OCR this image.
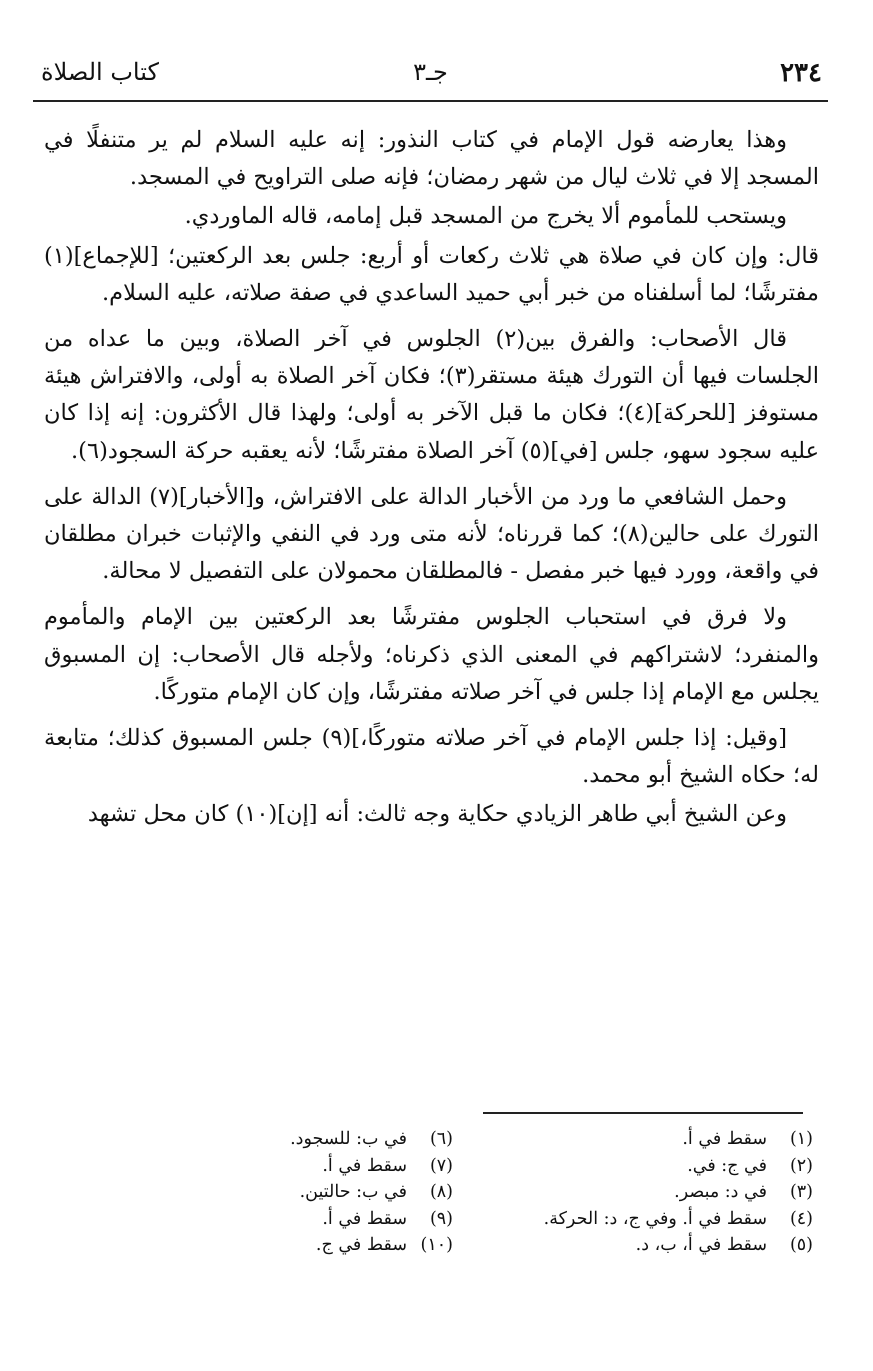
٢٣٤
جـ٣
كتاب الصلاة

وهذا يعارضه قول الإمام في كتاب النذور: إنه عليه السلام لم ير متنفلًا في المسجد إلا في ثلاث ليال من شهر رمضان؛ فإنه صلى التراويح في المسجد.

ويستحب للمأموم ألا يخرج من المسجد قبل إمامه، قاله الماوردي.

قال: وإن كان في صلاة هي ثلاث ركعات أو أربع: جلس بعد الركعتين؛ [للإجماع](١) مفترشًا؛ لما أسلفناه من خبر أبي حميد الساعدي في صفة صلاته، عليه السلام.

قال الأصحاب: والفرق بين(٢) الجلوس في آخر الصلاة، وبين ما عداه من الجلسات فيها أن التورك هيئة مستقر(٣)؛ فكان آخر الصلاة به أولى، والافتراش هيئة مستوفز [للحركة](٤)؛ فكان ما قبل الآخر به أولى؛ ولهذا قال الأكثرون: إنه إذا كان عليه سجود سهو، جلس [في](٥) آخر الصلاة مفترشًا؛ لأنه يعقبه حركة السجود(٦).

وحمل الشافعي ما ورد من الأخبار الدالة على الافتراش، و[الأخبار](٧) الدالة على التورك على حالين(٨)؛ كما قررناه؛ لأنه متى ورد في النفي والإثبات خبران مطلقان في واقعة، وورد فيها خبر مفصل - فالمطلقان محمولان على التفصيل لا محالة.

ولا فرق في استحباب الجلوس مفترشًا بعد الركعتين بين الإمام والمأموم والمنفرد؛ لاشتراكهم في المعنى الذي ذكرناه؛ ولأجله قال الأصحاب: إن المسبوق يجلس مع الإمام إذا جلس في آخر صلاته مفترشًا، وإن كان الإمام متوركًا.

[وقيل: إذا جلس الإمام في آخر صلاته متوركًا،](٩) جلس المسبوق كذلك؛ متابعة له؛ حكاه الشيخ أبو محمد.

وعن الشيخ أبي طاهر الزيادي حكاية وجه ثالث: أنه [إن](١٠) كان محل تشهد

(١)سقط في أ.
(٢)في ج: في.
(٣)في د: مبصر.
(٤)سقط في أ. وفي ج، د: الحركة.
(٥)سقط في أ، ب، د.
(٦)في ب: للسجود.
(٧)سقط في أ.
(٨)في ب: حالتين.
(٩)سقط في أ.
(١٠)سقط في ج.
